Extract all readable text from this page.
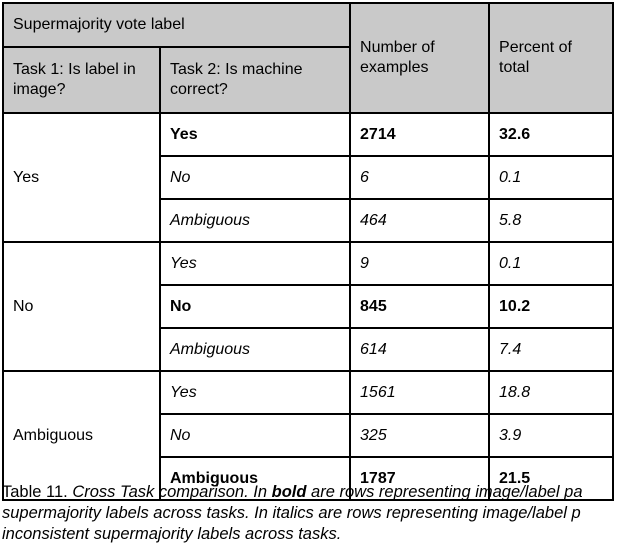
Supermajority vote label		Number of examples	Percent of total
Task 1: Is label in image?	Task 2: Is machine correct?		
Yes	Yes	2714	32.6
	No	6	0.1
	Ambiguous	464	5.8
No	Yes	9	0.1
	No	845	10.2
	Ambiguous	614	7.4
Ambiguous	Yes	1561	18.8
	No	325	3.9
	Ambiguous	1787	21.5
Table 11. Cross Task comparison. In bold are rows representing image/label pa
supermajority labels across tasks. In italics are rows representing image/label p
inconsistent supermajority labels across tasks.
